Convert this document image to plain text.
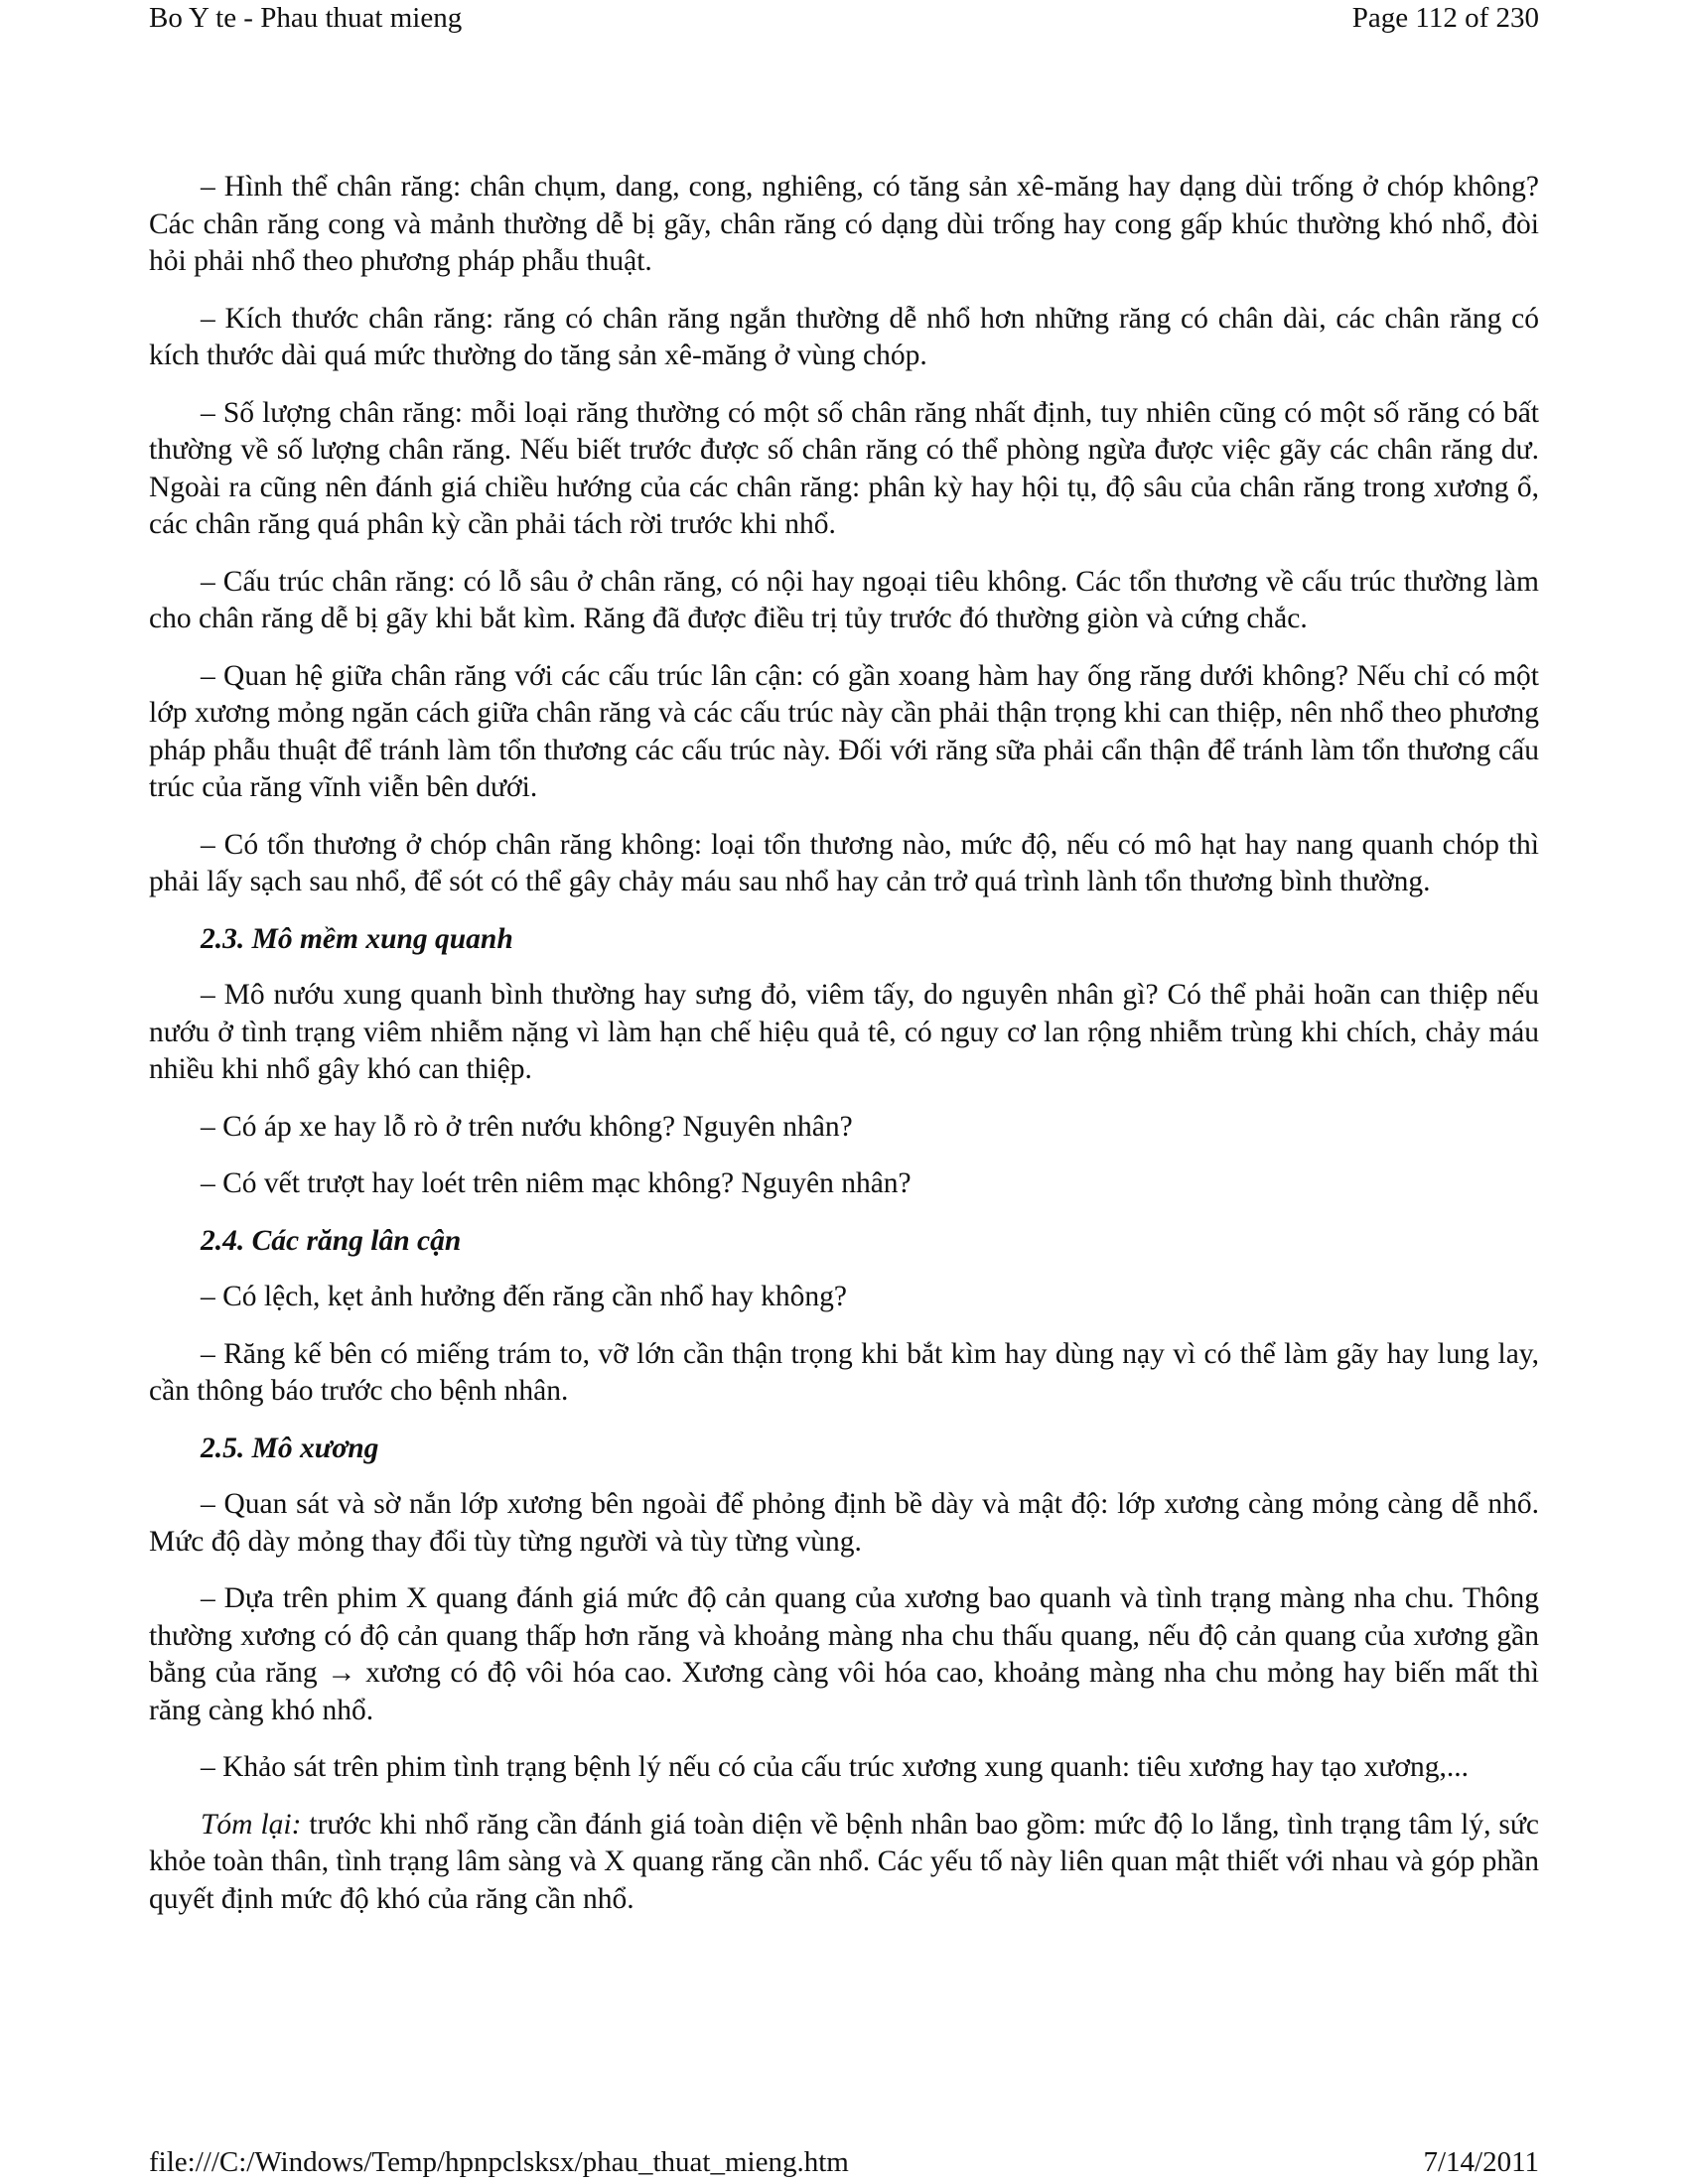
Bo Y te - Phau thuat mieng	Page 112 of 230

– Hình thể chân răng: chân chụm, dang, cong, nghiêng, có tăng sản xê-măng hay dạng dùi trống ở chóp không? Các chân răng cong và mảnh thường dễ bị gãy, chân răng có dạng dùi trống hay cong gấp khúc thường khó nhổ, đòi hỏi phải nhổ theo phương pháp phẫu thuật.

– Kích thước chân răng: răng có chân răng ngắn thường dễ nhổ hơn những răng có chân dài, các chân răng có kích thước dài quá mức thường do tăng sản xê-măng ở vùng chóp.

– Số lượng chân răng: mỗi loại răng thường có một số chân răng nhất định, tuy nhiên cũng có một số răng có bất thường về số lượng chân răng. Nếu biết trước được số chân răng có thể phòng ngừa được việc gãy các chân răng dư. Ngoài ra cũng nên đánh giá chiều hướng của các chân răng: phân kỳ hay hội tụ, độ sâu của chân răng trong xương ổ, các chân răng quá phân kỳ cần phải tách rời trước khi nhổ.

– Cấu trúc chân răng: có lỗ sâu ở chân răng, có nội hay ngoại tiêu không. Các tổn thương về cấu trúc thường làm cho chân răng dễ bị gãy khi bắt kìm. Răng đã được điều trị tủy trước đó thường giòn và cứng chắc.

– Quan hệ giữa chân răng với các cấu trúc lân cận: có gần xoang hàm hay ống răng dưới không? Nếu chỉ có một lớp xương mỏng ngăn cách giữa chân răng và các cấu trúc này cần phải thận trọng khi can thiệp, nên nhổ theo phương pháp phẫu thuật để tránh làm tổn thương các cấu trúc này. Đối với răng sữa phải cẩn thận để tránh làm tổn thương cấu trúc của răng vĩnh viễn bên dưới.

– Có tổn thương ở chóp chân răng không: loại tổn thương nào, mức độ, nếu có mô hạt hay nang quanh chóp thì phải lấy sạch sau nhổ, để sót có thể gây chảy máu sau nhổ hay cản trở quá trình lành tổn thương bình thường.

2.3. Mô mềm xung quanh

– Mô nướu xung quanh bình thường hay sưng đỏ, viêm tấy, do nguyên nhân gì? Có thể phải hoãn can thiệp nếu nướu ở tình trạng viêm nhiễm nặng vì làm hạn chế hiệu quả tê, có nguy cơ lan rộng nhiễm trùng khi chích, chảy máu nhiều khi nhổ gây khó can thiệp.

– Có áp xe hay lỗ rò ở trên nướu không? Nguyên nhân?

– Có vết trượt hay loét trên niêm mạc không? Nguyên nhân?

2.4. Các răng lân cận

– Có lệch, kẹt ảnh hưởng đến răng cần nhổ hay không?

– Răng kế bên có miếng trám to, vỡ lớn cần thận trọng khi bắt kìm hay dùng nạy vì có thể làm gãy hay lung lay, cần thông báo trước cho bệnh nhân.

2.5. Mô xương

– Quan sát và sờ nắn lớp xương bên ngoài để phỏng định bề dày và mật độ: lớp xương càng mỏng càng dễ nhổ. Mức độ dày mỏng thay đổi tùy từng người và tùy từng vùng.

– Dựa trên phim X quang đánh giá mức độ cản quang của xương bao quanh và tình trạng màng nha chu. Thông thường xương có độ cản quang thấp hơn răng và khoảng màng nha chu thấu quang, nếu độ cản quang của xương gần bằng của răng → xương có độ vôi hóa cao. Xương càng vôi hóa cao, khoảng màng nha chu mỏng hay biến mất thì răng càng khó nhổ.

– Khảo sát trên phim tình trạng bệnh lý nếu có của cấu trúc xương xung quanh: tiêu xương hay tạo xương,...

Tóm lại: trước khi nhổ răng cần đánh giá toàn diện về bệnh nhân bao gồm: mức độ lo lắng, tình trạng tâm lý, sức khỏe toàn thân, tình trạng lâm sàng và X quang răng cần nhổ. Các yếu tố này liên quan mật thiết với nhau và góp phần quyết định mức độ khó của răng cần nhổ.

file:///C:/Windows/Temp/hpnpclsksx/phau_thuat_mieng.htm	7/14/2011
